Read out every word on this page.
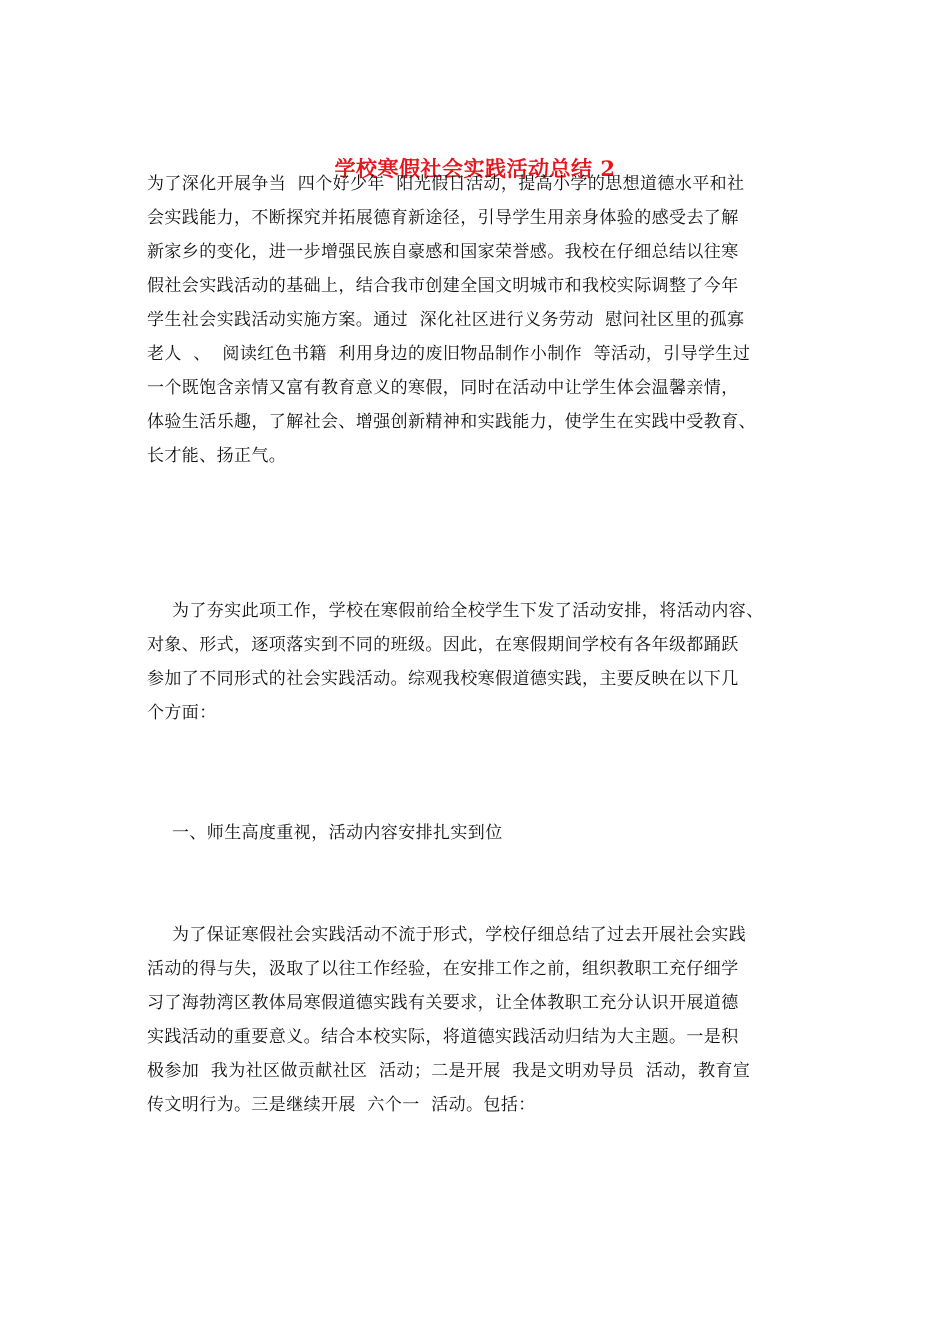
学校寒假社会实践活动总结 2
为了深化开展争当  四个好少年  阳光假日活动，提高小学的思想道德水平和社
会实践能力，不断探究并拓展德育新途径，引导学生用亲身体验的感受去了解
新家乡的变化，进一步增强民族自豪感和国家荣誉感。我校在仔细总结以往寒
假社会实践活动的基础上，结合我市创建全国文明城市和我校实际调整了今年
学生社会实践活动实施方案。通过  深化社区进行义务劳动  慰问社区里的孤寡
老人  、  阅读红色书籍  利用身边的废旧物品制作小制作  等活动，引导学生过
一个既饱含亲情又富有教育意义的寒假，同时在活动中让学生体会温馨亲情，
体验生活乐趣，了解社会、增强创新精神和实践能力，使学生在实践中受教育、
长才能、扬正气。
为了夯实此项工作，学校在寒假前给全校学生下发了活动安排，将活动内容、
对象、形式，逐项落实到不同的班级。因此，在寒假期间学校有各年级都踊跃
参加了不同形式的社会实践活动。综观我校寒假道德实践，主要反映在以下几
个方面：
一、师生高度重视，活动内容安排扎实到位
为了保证寒假社会实践活动不流于形式，学校仔细总结了过去开展社会实践
活动的得与失，汲取了以往工作经验，在安排工作之前，组织教职工充仔细学
习了海勃湾区教体局寒假道德实践有关要求，让全体教职工充分认识开展道德
实践活动的重要意义。结合本校实际，将道德实践活动归结为大主题。一是积
极参加  我为社区做贡献社区  活动；二是开展  我是文明劝导员  活动，教育宣
传文明行为。三是继续开展  六个一  活动。包括：
